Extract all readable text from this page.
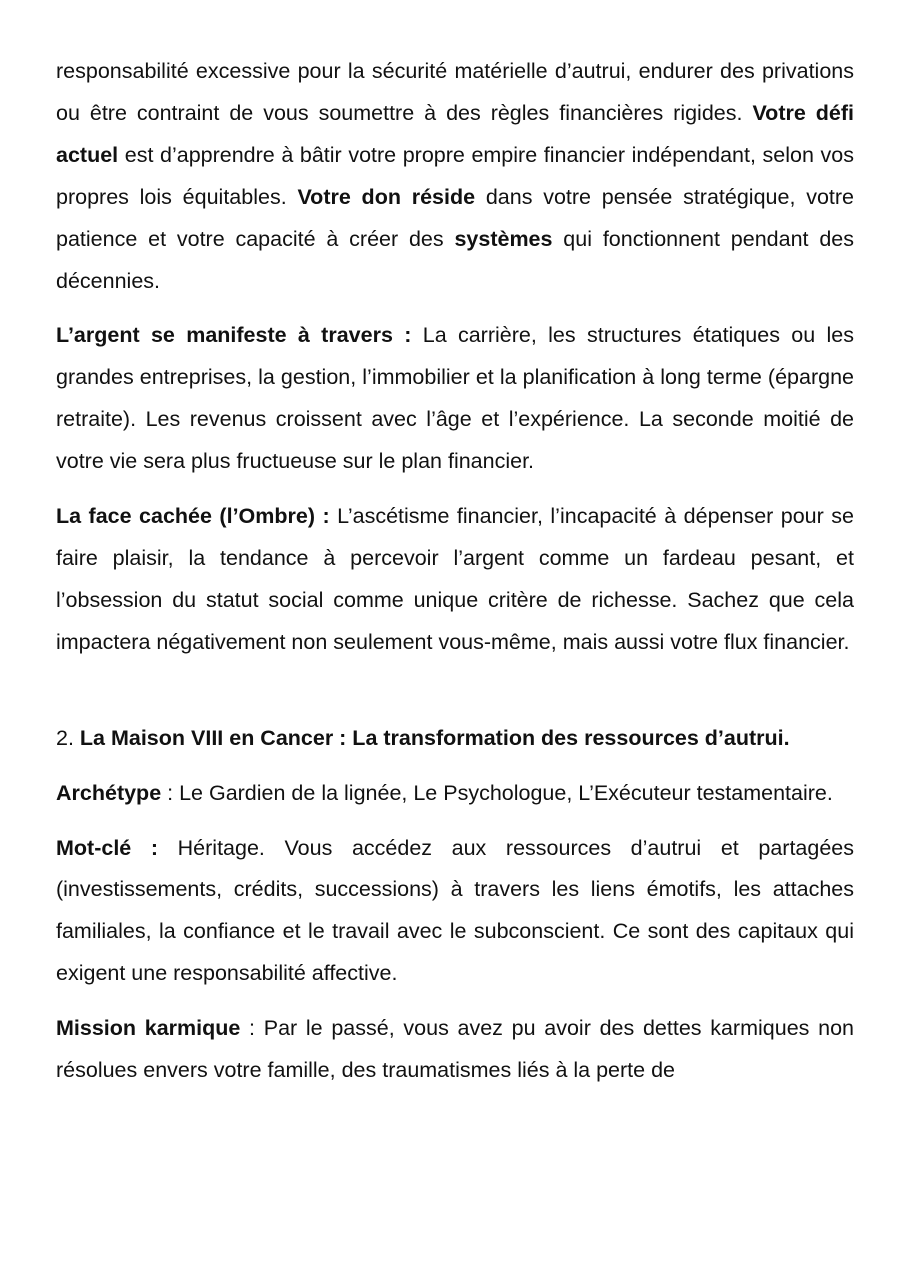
responsabilité excessive pour la sécurité matérielle d’autrui, endurer des privations ou être contraint de vous soumettre à des règles financières rigides. Votre défi actuel est d’apprendre à bâtir votre propre empire financier indépendant, selon vos propres lois équitables. Votre don réside dans votre pensée stratégique, votre patience et votre capacité à créer des systèmes qui fonctionnent pendant des décennies.

L’argent se manifeste à travers : La carrière, les structures étatiques ou les grandes entreprises, la gestion, l’immobilier et la planification à long terme (épargne retraite). Les revenus croissent avec l’âge et l’expérience. La seconde moitié de votre vie sera plus fructueuse sur le plan financier.

La face cachée (l’Ombre) : L’ascétisme financier, l’incapacité à dépenser pour se faire plaisir, la tendance à percevoir l’argent comme un fardeau pesant, et l’obsession du statut social comme unique critère de richesse. Sachez que cela impactera négativement non seulement vous-même, mais aussi votre flux financier.

2. La Maison VIII en Cancer : La transformation des ressources d’autrui.

Archétype : Le Gardien de la lignée, Le Psychologue, L’Exécuteur testamentaire.

Mot-clé : Héritage. Vous accédez aux ressources d’autrui et partagées (investissements, crédits, successions) à travers les liens émotifs, les attaches familiales, la confiance et le travail avec le subconscient. Ce sont des capitaux qui exigent une responsabilité affective.

Mission karmique : Par le passé, vous avez pu avoir des dettes karmiques non résolues envers votre famille, des traumatismes liés à la perte de
